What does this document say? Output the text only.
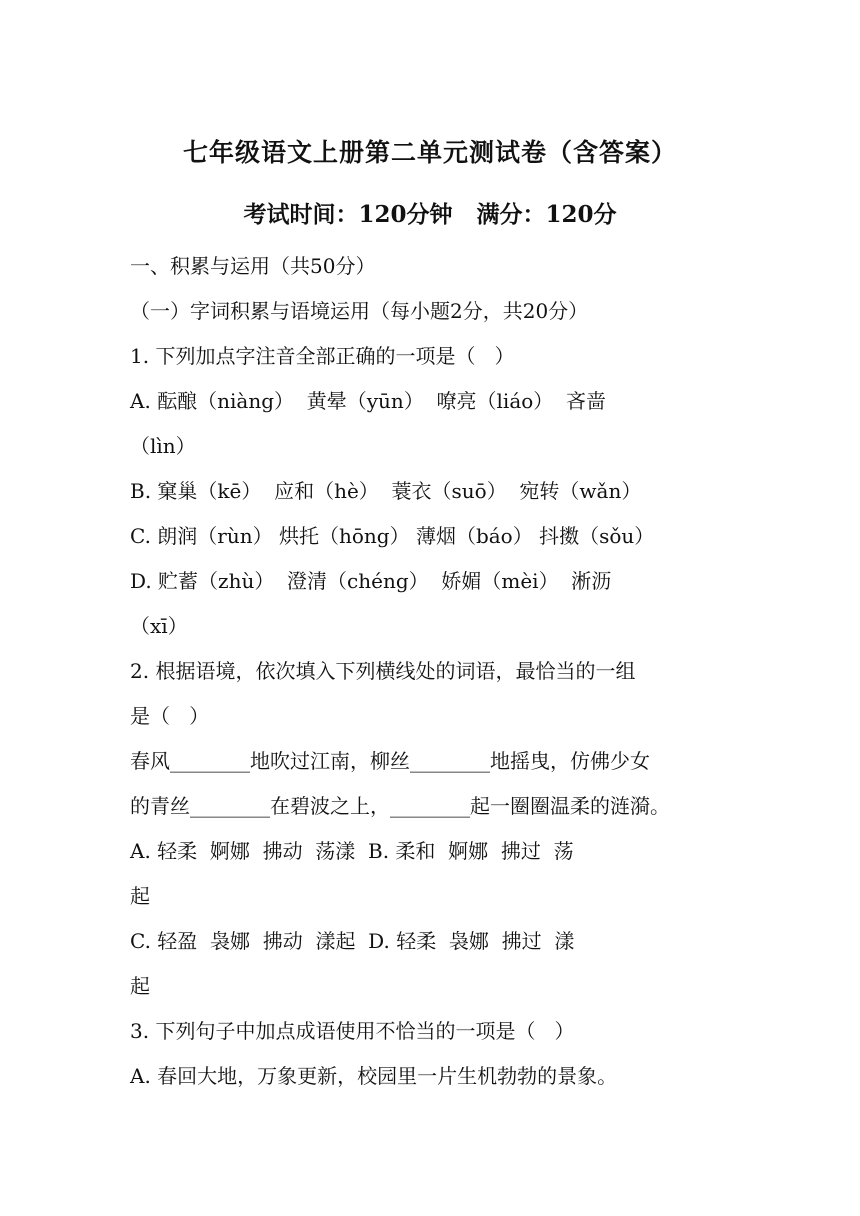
七年级语文上册第二单元测试卷（含答案）
考试时间：120分钟   满分：120分
一、积累与运用（共50分）
（一）字词积累与语境运用（每小题2分，共20分）
1. 下列加点字注音全部正确的一项是（   ）
A. 酝酿（niàng）  黄晕（yūn）  嘹亮（liáo）  吝啬
（lìn）
B. 窠巢（kē）  应和（hè）  蓑衣（suō）  宛转（wǎn）
C. 朗润（rùn） 烘托（hōng） 薄烟（báo） 抖擞（sǒu）
D. 贮蓄（zhù）  澄清（chéng）  娇媚（mèi）  淅沥
（xī）
2. 根据语境，依次填入下列横线处的词语，最恰当的一组
是（   ）
春风________地吹过江南，柳丝________地摇曳，仿佛少女
的青丝________在碧波之上，________起一圈圈温柔的涟漪。
A. 轻柔  婀娜  拂动  荡漾  B. 柔和  婀娜  拂过  荡
起
C. 轻盈  袅娜  拂动  漾起  D. 轻柔  袅娜  拂过  漾
起
3. 下列句子中加点成语使用不恰当的一项是（   ）
A. 春回大地，万象更新，校园里一片生机勃勃的景象。
